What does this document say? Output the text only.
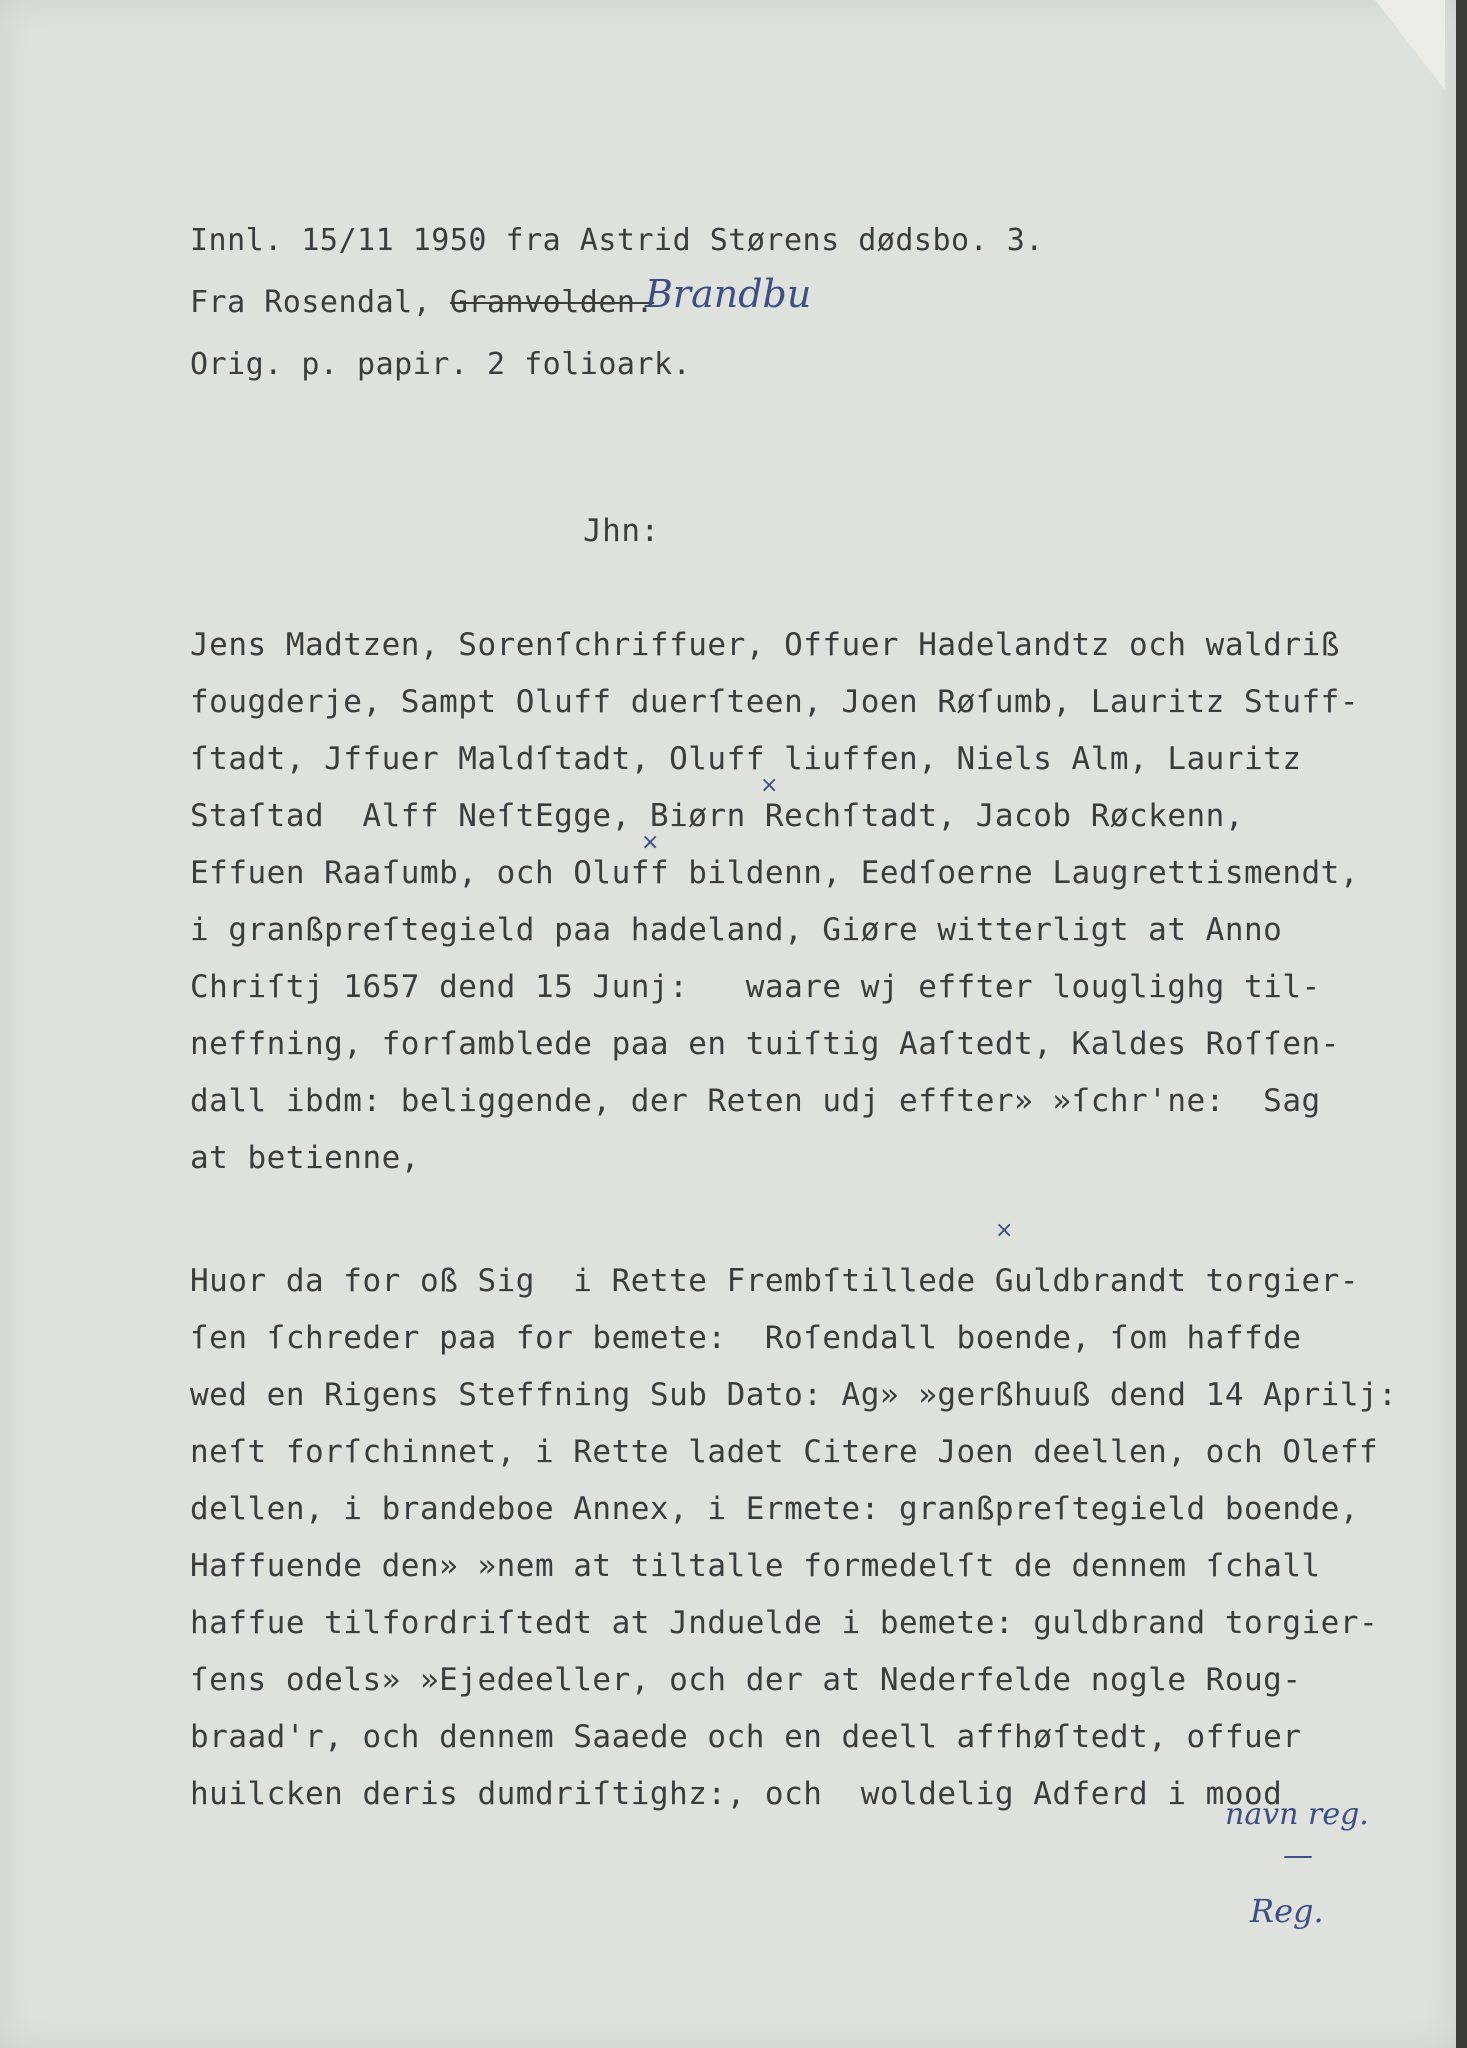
Innl. 15/11 1950 fra Astrid Størens dødsbo. 3.
Fra Rosendal, Granvolden.
Brandbu
Orig. p. papir. 2 folioark.
Jhn:
Jens Madtzen, Sorenſchriffuer, Offuer Hadelandtz och waldriß
fougderje, Sampt Oluff duerſteen, Joen Røſumb, Lauritz Stuff-
ſtadt, Jffuer Maldſtadt, Oluff liuffen, Niels Alm, Lauritz
Staſtad  Alff NeſtEgge, Biørn Rechſtadt, Jacob Røckenn,
Effuen Raaſumb, och Oluff bildenn, Eedſoerne Laugrettismendt,
i granßpreſtegield paa hadeland, Giøre witterligt at Anno
Chriſtj 1657 dend 15 Junj:   waare wj effter louglighg til-
neffning, forſamblede paa en tuiſtig Aaſtedt, Kaldes Roſſen-
dall ibdm: beliggende, der Reten udj effter» »ſchr'ne:  Sag
at betienne,
×
×
×
Huor da for oß Sig  i Rette Frembſtillede Guldbrandt torgier-
ſen ſchreder paa for bemete:  Roſendall boende, ſom haffde
wed en Rigens Steffning Sub Dato: Ag» »gerßhuuß dend 14 Aprilj:
neſt forſchinnet, i Rette ladet Citere Joen deellen, och Oleff
dellen, i brandeboe Annex, i Ermete: granßpreſtegield boende,
Haffuende den» »nem at tiltalle formedelſt de dennem ſchall
haffue tilfordriſtedt at Jnduelde i bemete: guldbrand torgier-
ſens odels» »Ejedeeller, och der at Nederfelde nogle Roug-
braad'r, och dennem Saaede och en deell affhøſtedt, offuer
huilcken deris dumdriſtighz:, och  woldelig Adferd i mood
navn reg.
—
Reg.
